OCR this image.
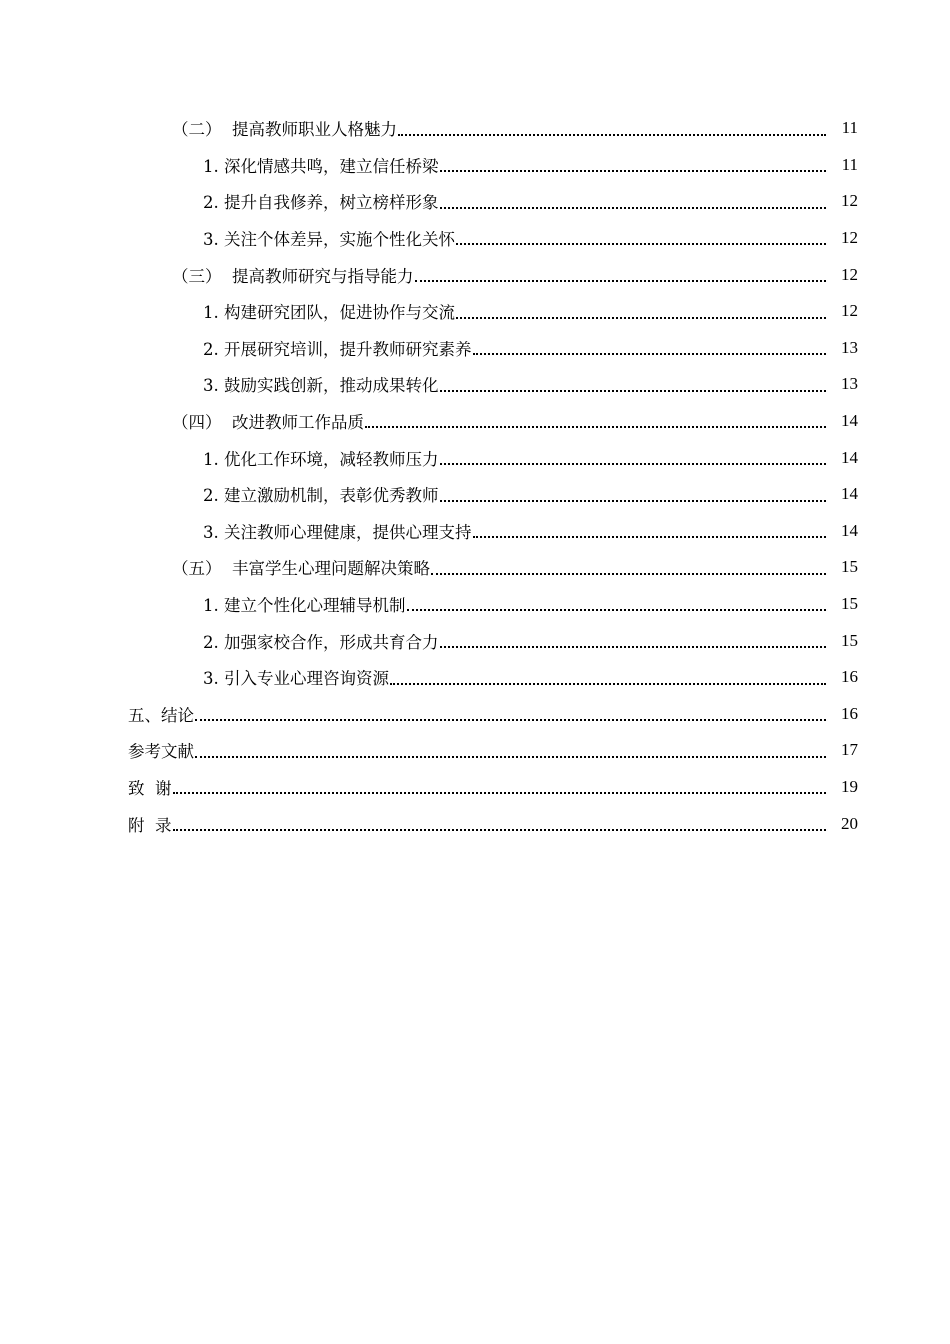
（二）  提高教师职业人格魅力	11
1. 深化情感共鸣，建立信任桥梁	11
2. 提升自我修养，树立榜样形象	12
3. 关注个体差异，实施个性化关怀	12
（三）  提高教师研究与指导能力	12
1. 构建研究团队，促进协作与交流	12
2. 开展研究培训，提升教师研究素养	13
3. 鼓励实践创新，推动成果转化	13
（四）  改进教师工作品质	14
1. 优化工作环境，减轻教师压力	14
2. 建立激励机制，表彰优秀教师	14
3. 关注教师心理健康，提供心理支持	14
（五）  丰富学生心理问题解决策略	15
1. 建立个性化心理辅导机制	15
2. 加强家校合作，形成共育合力	15
3. 引入专业心理咨询资源	16
五、结论	16
参考文献	17
致  谢	19
附  录	20
